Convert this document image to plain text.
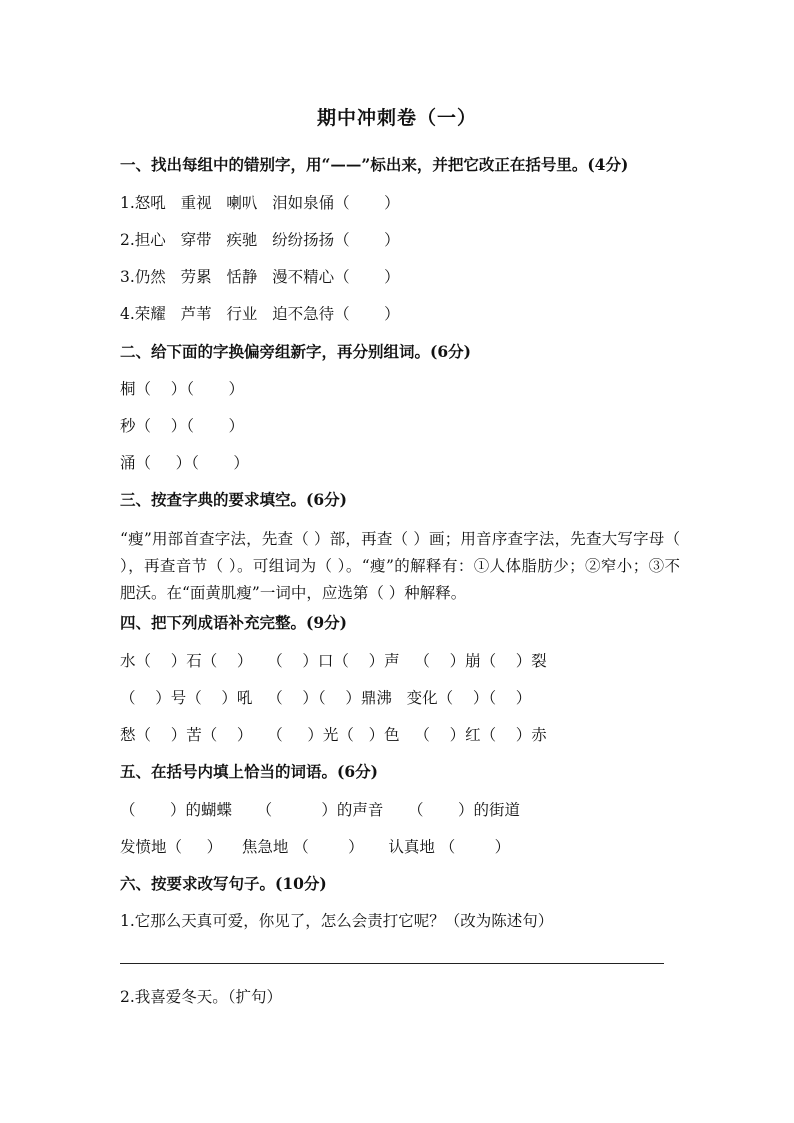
期中冲刺卷（一）
一、找出每组中的错别字，用“——”标出来，并把它改正在括号里。(4分)
1.怒吼   重视   喇叭   泪如泉俑（       ）
2.担心   穿带   疾驰   纷纷扬扬（       ）
3.仍然   劳累   恬静   漫不精心（       ）
4.荣耀   芦苇   行业   迫不急待（       ）
二、给下面的字换偏旁组新字，再分别组词。(6分)
桐（    ）（       ）
秒（    ）（       ）
涌（     ）（       ）
三、按查字典的要求填空。(6分)
“瘦”用部首查字法，先查（ ）部，再查（ ）画；用音序查字法，先查大写字母（ ），再查音节（ ）。可组词为（ ）。“瘦”的解释有：①人体脂肪少；②窄小；③不肥沃。在“面黄肌瘦”一词中，应选第（ ）种解释。
四、把下列成语补充完整。(9分)
水（    ）石（    ）   （    ）口（    ）声   （    ）崩（    ）裂
（    ）号（    ）吼   （    ）（    ）鼎沸   变化（    ）（    ）
愁（    ）苦（    ）   （     ）光（   ）色   （    ）红（    ）赤
五、在括号内填上恰当的词语。(6分)
（       ）的蝴蝶     （          ）的声音     （       ）的街道
发愤地（     ）    焦急地 （        ）     认真地 （        ）
六、按要求改写句子。(10分)
1.它那么天真可爱，你见了，怎么会责打它呢？（改为陈述句）
2.我喜爱冬天。（扩句）
